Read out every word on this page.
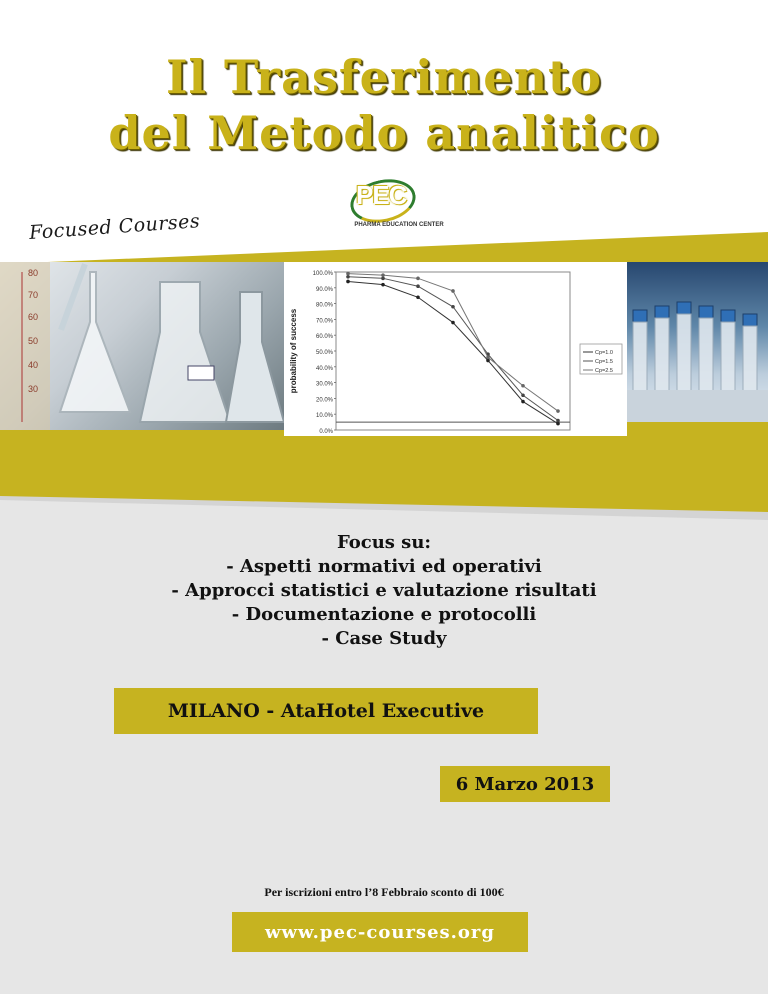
Il Trasferimento
del Metodo analitico
PEC
PHARMA EDUCATION CENTER
Focused Courses
80
70
60
50
40
30	probability of success
100.0%
90.0%
80.0%
70.0%
60.0%
50.0%
40.0%
30.0%
20.0%
10.0%
0.0%
Cp=1.0
Cp=1.5
Cp=2.5
Focus su:
- Aspetti normativi ed operativi
- Approcci statistici e valutazione risultati
- Documentazione e protocolli
- Case Study
MILANO - AtaHotel Executive
6 Marzo 2013
Per iscrizioni entro l’8 Febbraio sconto di 100€
www.pec-courses.org
